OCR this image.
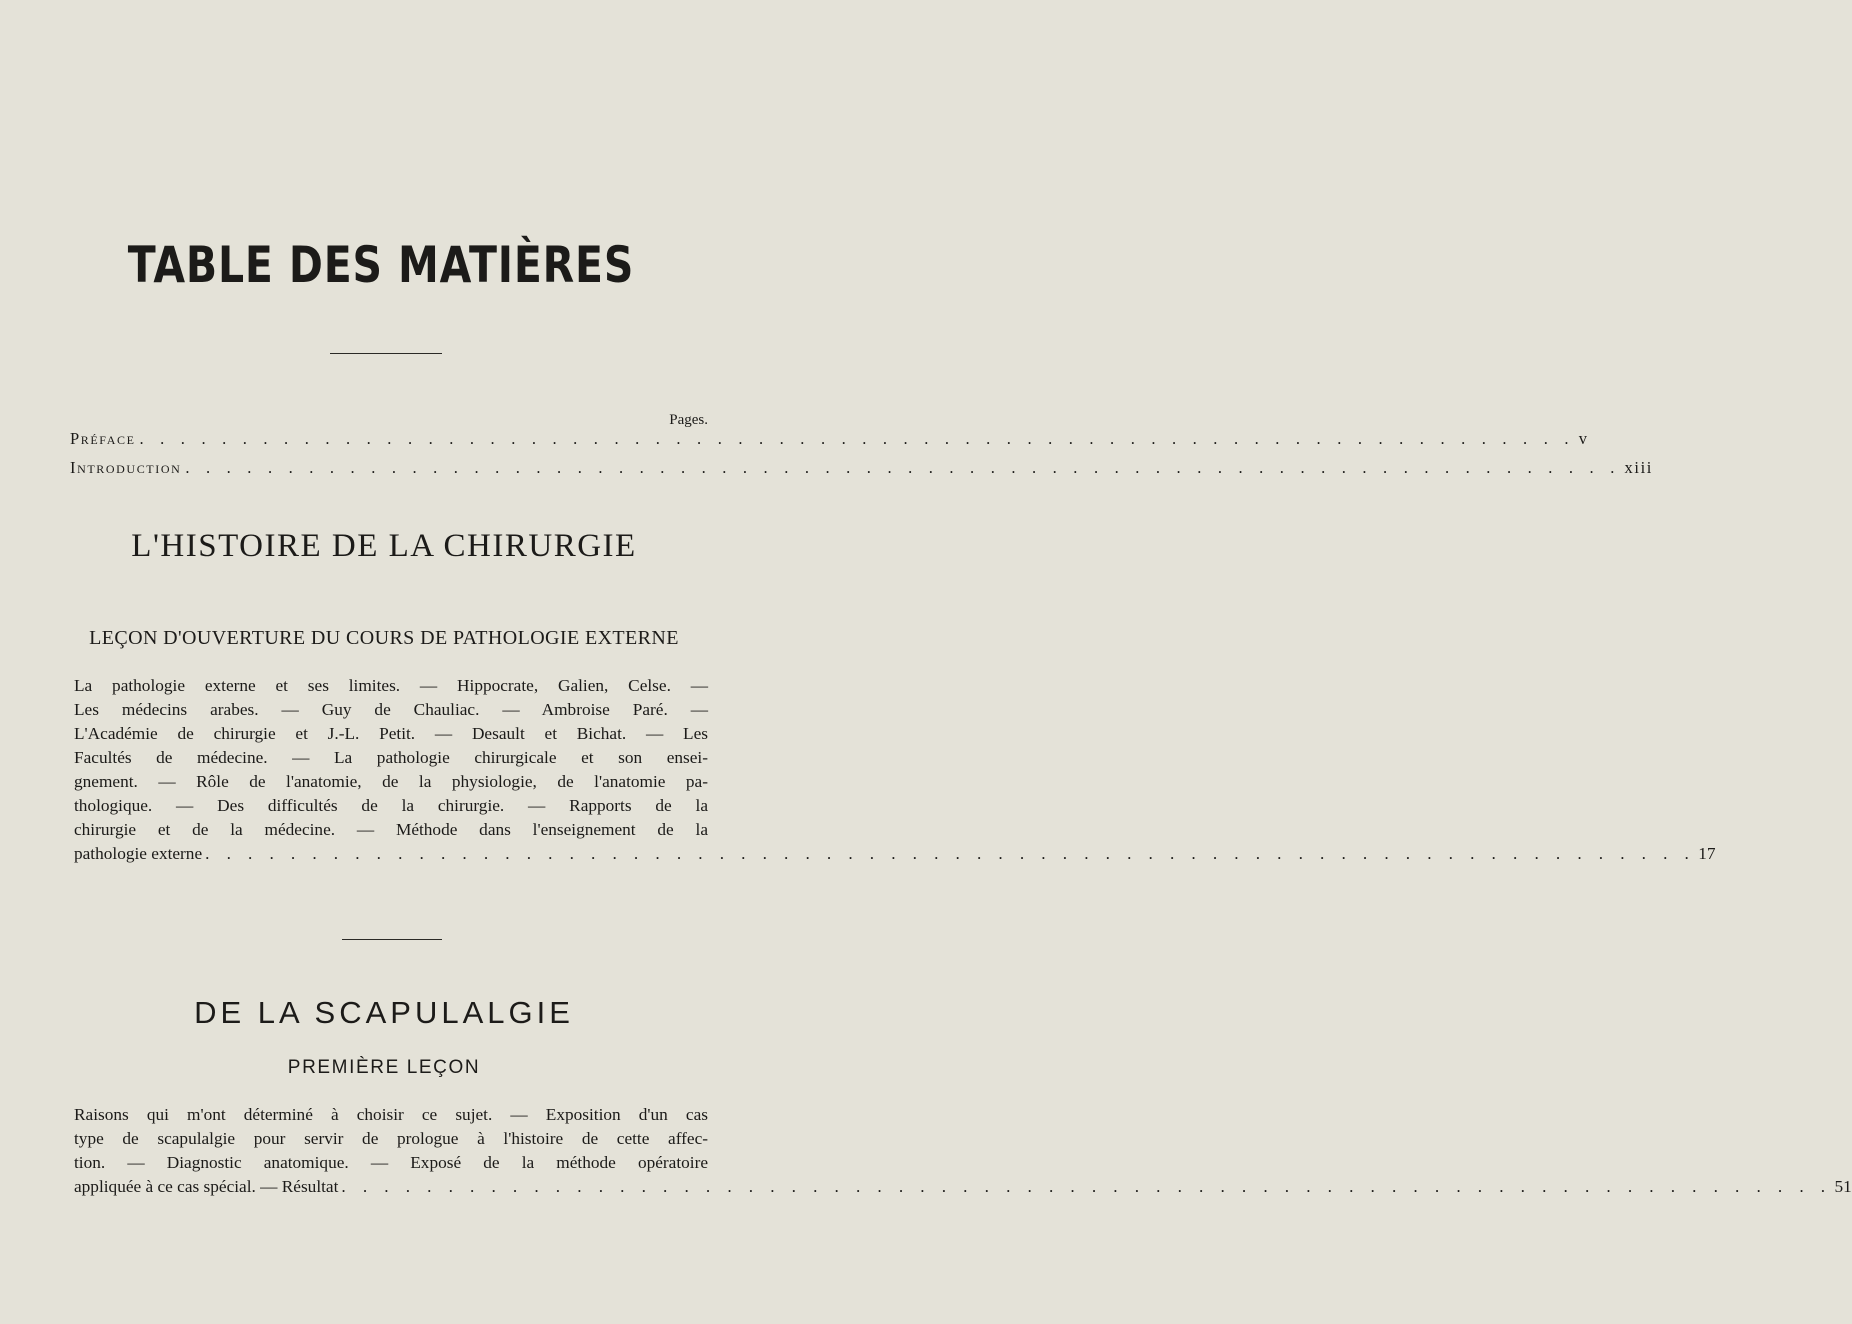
TABLE DES MATIÈRES
Pages.
Préface . . . . . . . . . . . . . . . . . . . . . . . . . . . . . . . . . . . . . . . . . . . . . . . . . . . . . . . . . . . . . . . . . . . . . . v
Introduction . . . . . . . . . . . . . . . . . . . . . . . . . . . . . . . . . . . . . . . . . . . . . . . . . . . . . . . . . . . . . . . . . . . . . . xiii
L'HISTOIRE DE LA CHIRURGIE
LEÇON D'OUVERTURE DU COURS DE PATHOLOGIE EXTERNE
La pathologie externe et ses limites. — Hippocrate, Galien, Celse. —
Les médecins arabes. — Guy de Chauliac. — Ambroise Paré. —
L'Académie de chirurgie et J.-L. Petit. — Desault et Bichat. — Les
Facultés de médecine. — La pathologie chirurgicale et son ensei-
gnement. — Rôle de l'anatomie, de la physiologie, de l'anatomie pa-
thologique. — Des difficultés de la chirurgie. — Rapports de la
chirurgie et de la médecine. — Méthode dans l'enseignement de la
pathologie externe . . . . . . . . . . . . . . . . . . . . . . . . . . . . . . . . . . . . . . . . . . . . . . . . . . . . . . . . . . . . . . . . . . . . . . 17
DE LA SCAPULALGIE
PREMIÈRE LEÇON
Raisons qui m'ont déterminé à choisir ce sujet. — Exposition d'un cas
type de scapulalgie pour servir de prologue à l'histoire de cette affec-
tion. — Diagnostic anatomique. — Exposé de la méthode opératoire
appliquée à ce cas spécial. — Résultat . . . . . . . . . . . . . . . . . . . . . . . . . . . . . . . . . . . . . . . . . . . . . . . . . . . . . . . . . . . . . . . . . . . . . . 51
